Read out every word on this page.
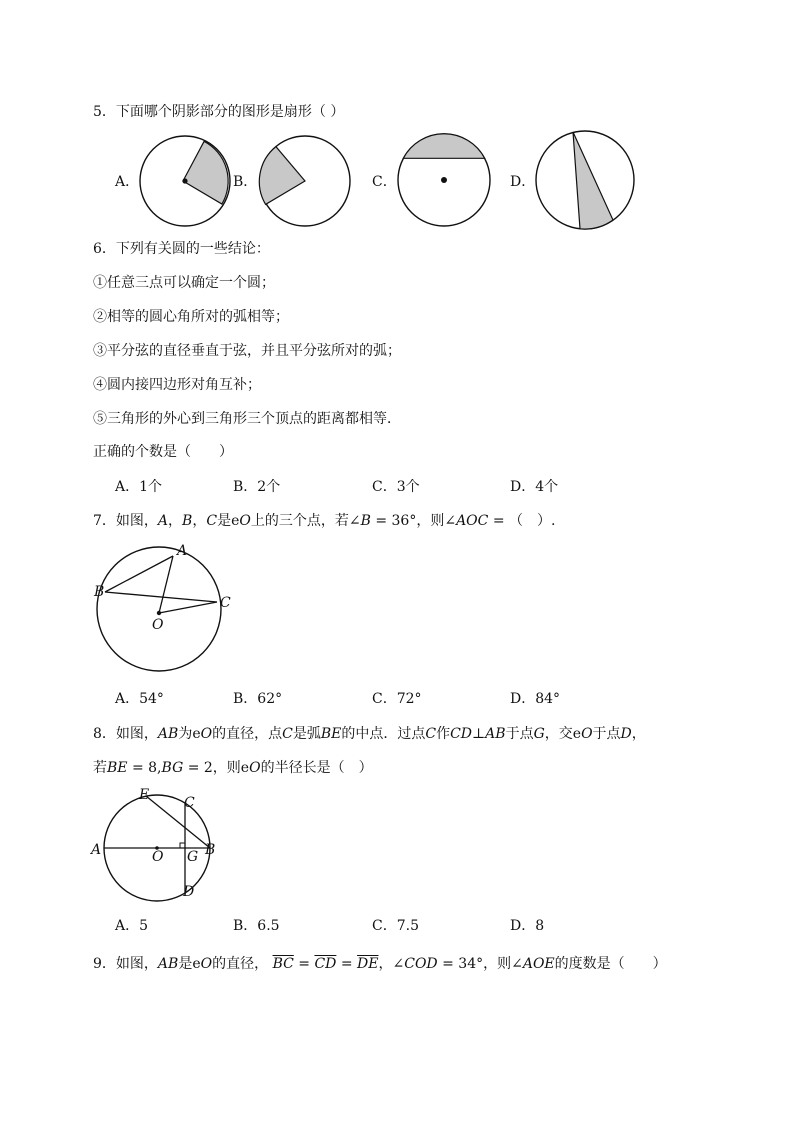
5．下面哪个阴影部分的图形是扇形（ ）
A．	B．	C．	D．
6．下列有关圆的一些结论：
①任意三点可以确定一个圆；
②相等的圆心角所对的弧相等；
③平分弦的直径垂直于弦，并且平分弦所对的弧；
④圆内接四边形对角互补；
⑤三角形的外心到三角形三个顶点的距离都相等．
正确的个数是（　　）
A．1个	B．2个	C．3个	D．4个
7．如图，A，B，C是eO上的三个点，若∠B = 36°，则∠AOC = （　）.
A
B
C
O
A．54°	B．62°	C．72°	D．84°
8．如图，AB为eO的直径，点C是弧BE的中点．过点C作CD⊥AB于点G，交eO于点D，
若BE = 8,BG = 2，则eO的半径长是（　）
E C
A	O G B
D
A．5	B．6.5	C．7.5	D．8
9．如图，AB是eO的直径， $\overline{BC} = \overline{CD} = \overline{DE}$，∠COD = 34°，则∠AOE的度数是（　　）
